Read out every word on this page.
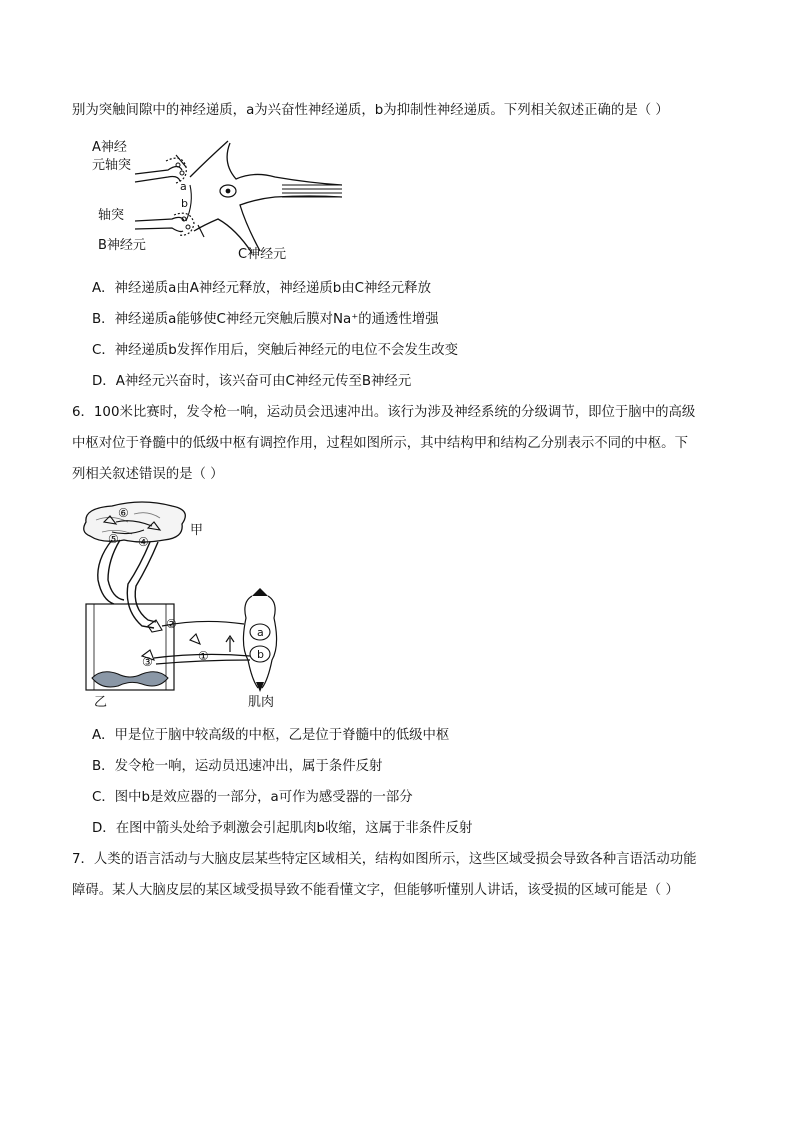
别为突触间隙中的神经递质，a为兴奋性神经递质，b为抑制性神经递质。下列相关叙述正确的是（ ）
A神经
元轴突
a
b
轴突
B神经元
C神经元
A．神经递质a由A神经元释放，神经递质b由C神经元释放
B．神经递质a能够使C神经元突触后膜对Na⁺的通透性增强
C．神经递质b发挥作用后，突触后神经元的电位不会发生改变
D．A神经元兴奋时，该兴奋可由C神经元传至B神经元
6．100米比赛时，发令枪一响，运动员会迅速冲出。该行为涉及神经系统的分级调节，即位于脑中的高级
中枢对位于脊髓中的低级中枢有调控作用，过程如图所示，其中结构甲和结构乙分别表示不同的中枢。下
列相关叙述错误的是（ ）
⑥
⑤ ④
甲
②
③	①
a
b
肌肉
乙
A．甲是位于脑中较高级的中枢，乙是位于脊髓中的低级中枢
B．发令枪一响，运动员迅速冲出，属于条件反射
C．图中b是效应器的一部分，a可作为感受器的一部分
D．在图中箭头处给予刺激会引起肌肉b收缩，这属于非条件反射
7．人类的语言活动与大脑皮层某些特定区域相关，结构如图所示，这些区域受损会导致各种言语活动功能
障碍。某人大脑皮层的某区域受损导致不能看懂文字，但能够听懂别人讲话，该受损的区域可能是（ ）
